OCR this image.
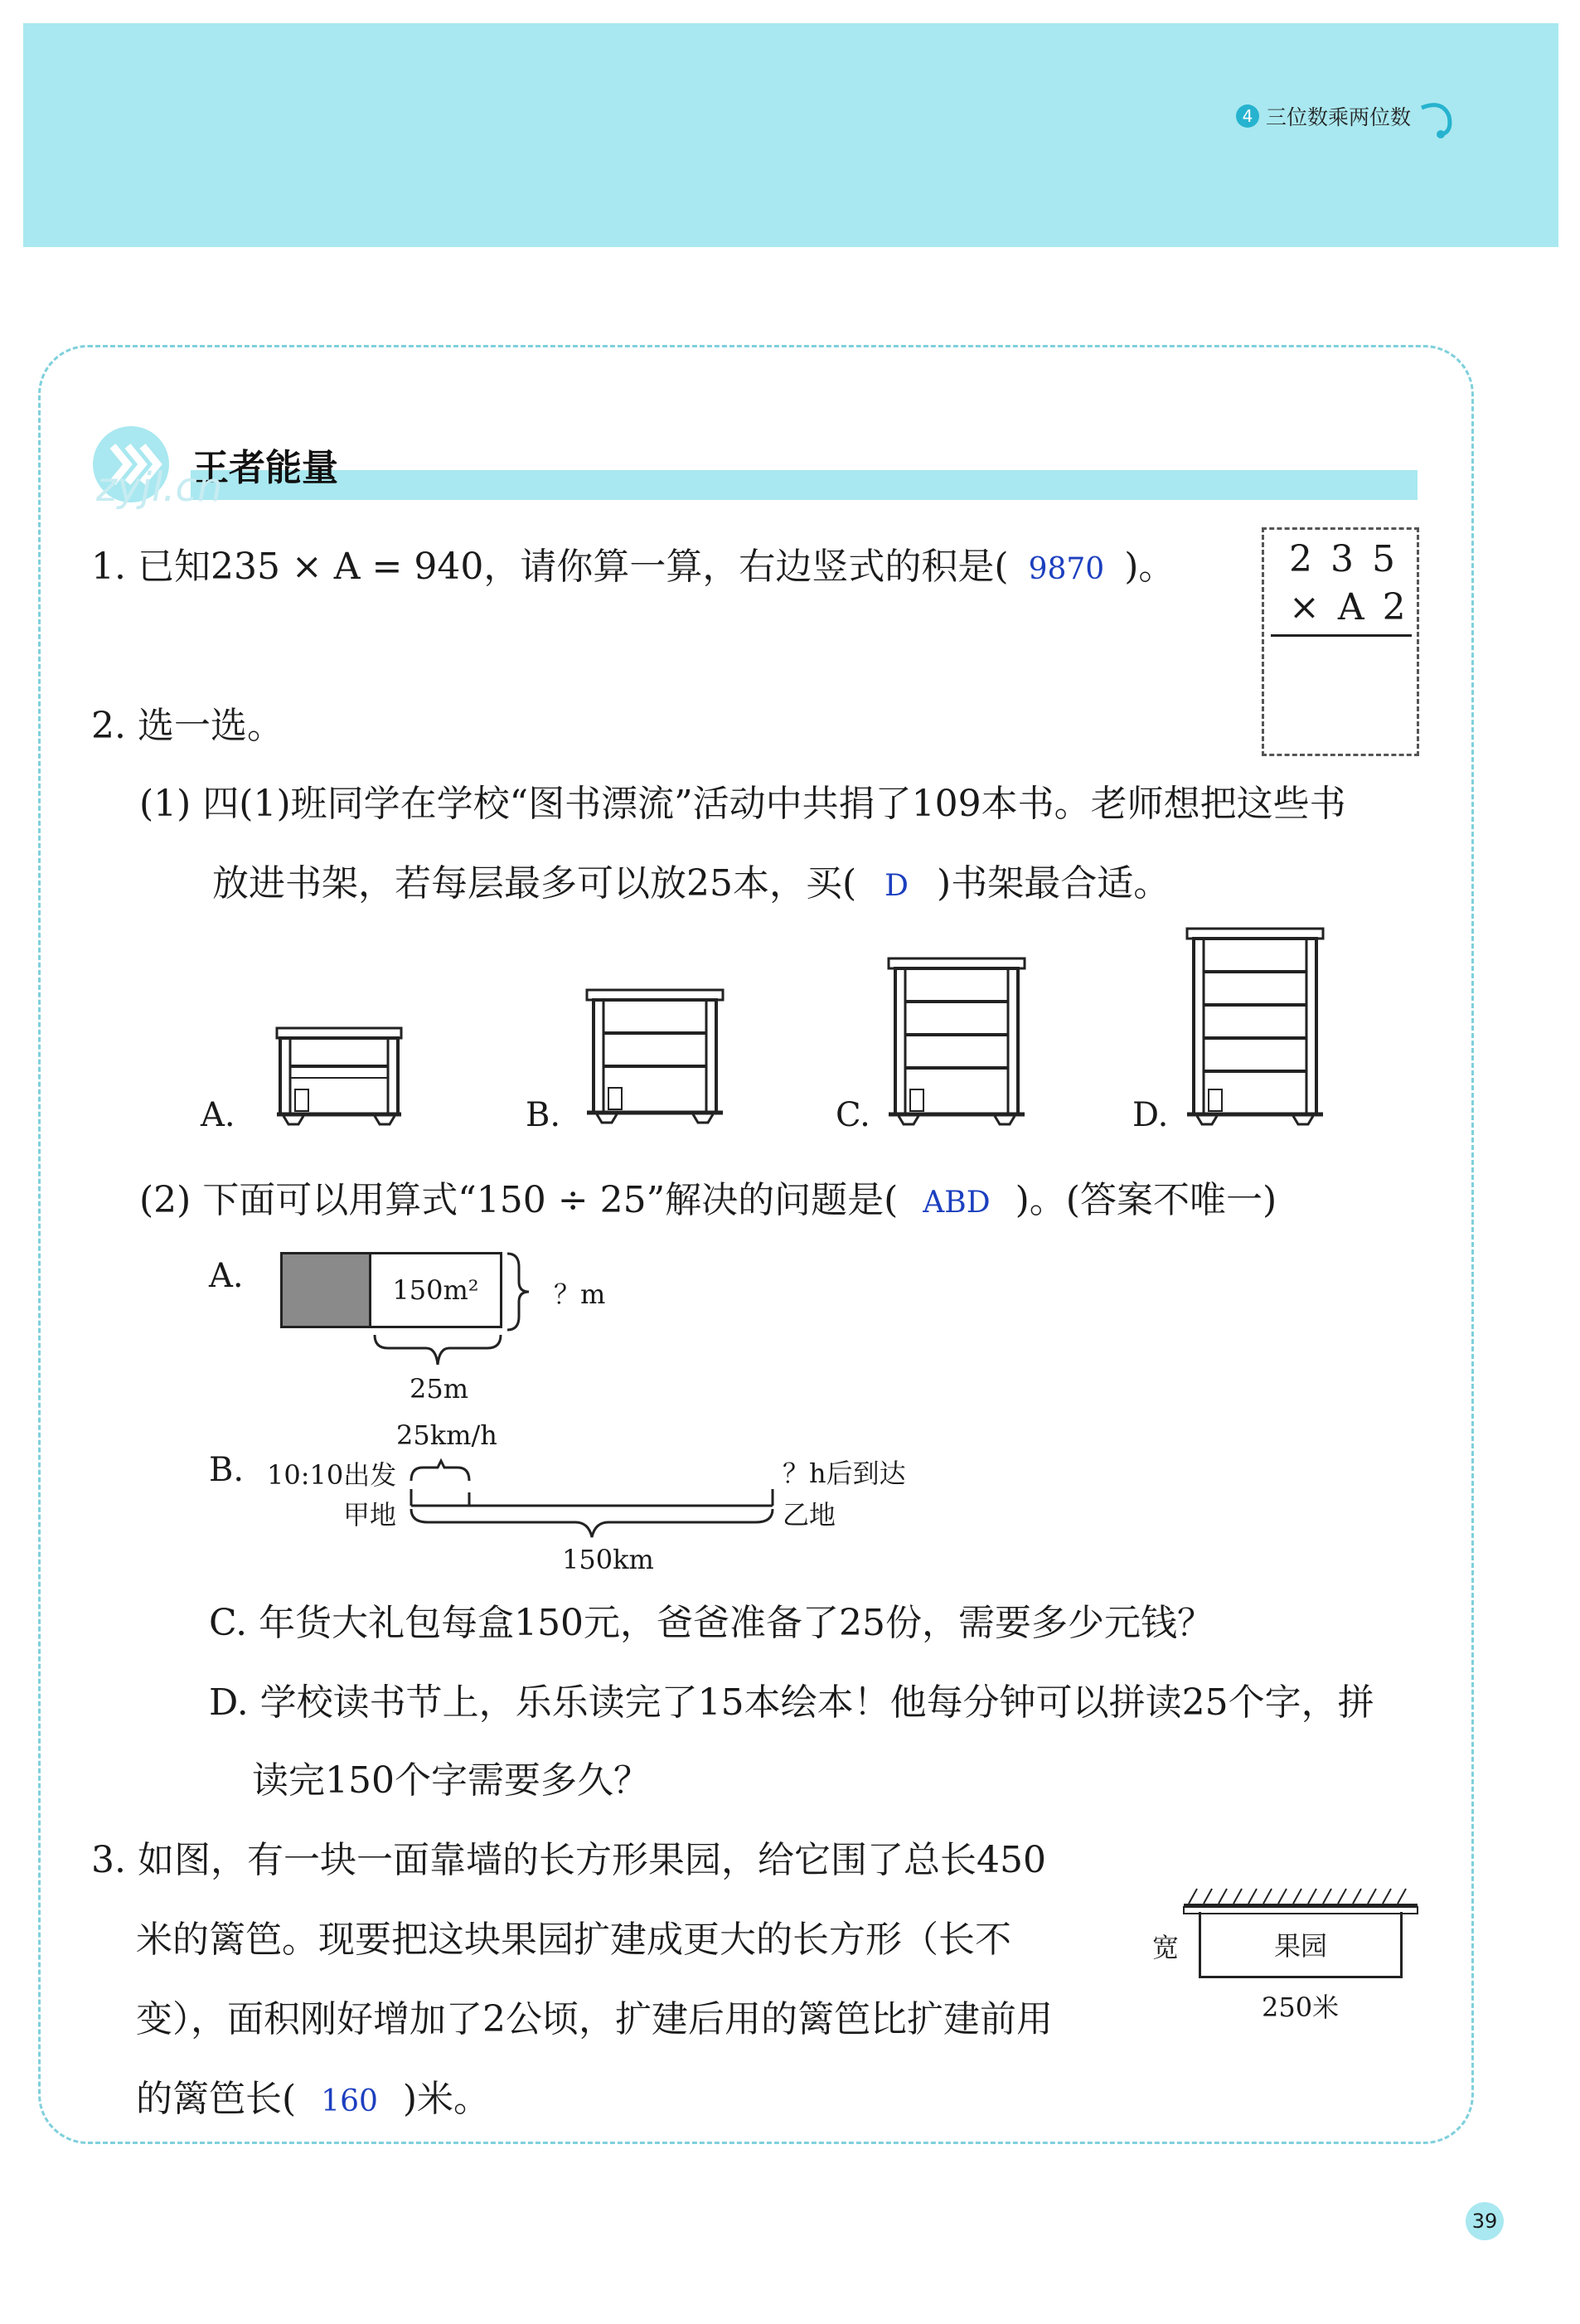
4 三位数乘两位数
王者能量
zyjl.cn
1. 已知235 × A = 940，请你算一算，右边竖式的积是( 9870 )。	2 3 5
× A 2
2. 选一选。
(1) 四(1)班同学在学校“图书漂流”活动中共捐了109本书。老师想把这些书
放进书架，若每层最多可以放25本，买( D )书架最合适。
A.	B.	C.	D.
(2) 下面可以用算式“150 ÷ 25”解决的问题是( ABD )。(答案不唯一)
A.	150m²	？m
25m
B.
25km/h
10:10出发
甲地
？h后到达
乙地
150km
C. 年货大礼包每盒150元，爸爸准备了25份，需要多少元钱？
D. 学校读书节上，乐乐读完了15本绘本！他每分钟可以拼读25个字，拼
读完150个字需要多久？
3. 如图，有一块一面靠墙的长方形果园，给它围了总长450
米的篱笆。现要把这块果园扩建成更大的长方形（长不
变），面积刚好增加了2公顷，扩建后用的篱笆比扩建前用
的篱笆长( 160 )米。
果园
宽
250米
39
